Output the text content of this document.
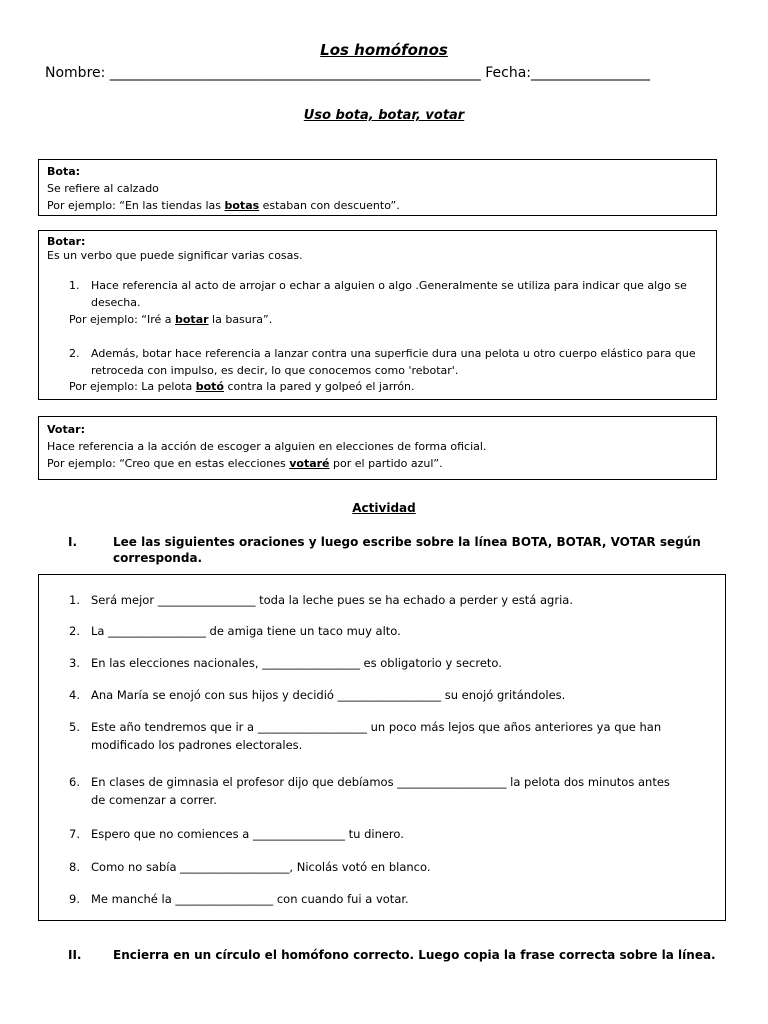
Los homófonos
Nombre: _____________________________________________________ Fecha:_________________
Uso bota, botar, votar
Bota:
Se refiere al calzado
Por ejemplo: “En las tiendas las botas estaban con descuento”.
Botar:
Es un verbo que puede significar varias cosas.
1.	Hace referencia al acto de arrojar o echar a alguien o algo .Generalmente se utiliza para indicar que algo se
desecha.
Por ejemplo: “Iré a botar la basura”.
2.	Además, botar hace referencia a lanzar contra una superficie dura una pelota u otro cuerpo elástico para que
retroceda con impulso, es decir, lo que conocemos como 'rebotar'.
Por ejemplo: La pelota botó contra la pared y golpeó el jarrón.
Votar:
Hace referencia a la acción de escoger a alguien en elecciones de forma oficial.
Por ejemplo: “Creo que en estas elecciones votaré por el partido azul”.
Actividad
I.	Lee las siguientes oraciones y luego escribe sobre la línea BOTA, BOTAR, VOTAR según
corresponda.
1. Será mejor _________________ toda la leche pues se ha echado a perder y está agria.
2. La _________________ de amiga tiene un taco muy alto.
3. En las elecciones nacionales, _________________ es obligatorio y secreto.
4. Ana María se enojó con sus hijos y decidió __________________ su enojó gritándoles.
5. Este año tendremos que ir a ___________________ un poco más lejos que años anteriores ya que han
modificado los padrones electorales.
6. En clases de gimnasia el profesor dijo que debíamos ___________________ la pelota dos minutos antes
de comenzar a correr.
7. Espero que no comiences a ________________ tu dinero.
8. Como no sabía ___________________, Nicolás votó en blanco.
9. Me manché la _________________ con cuando fui a votar.
II.	Encierra en un círculo el homófono correcto. Luego copia la frase correcta sobre la línea.
